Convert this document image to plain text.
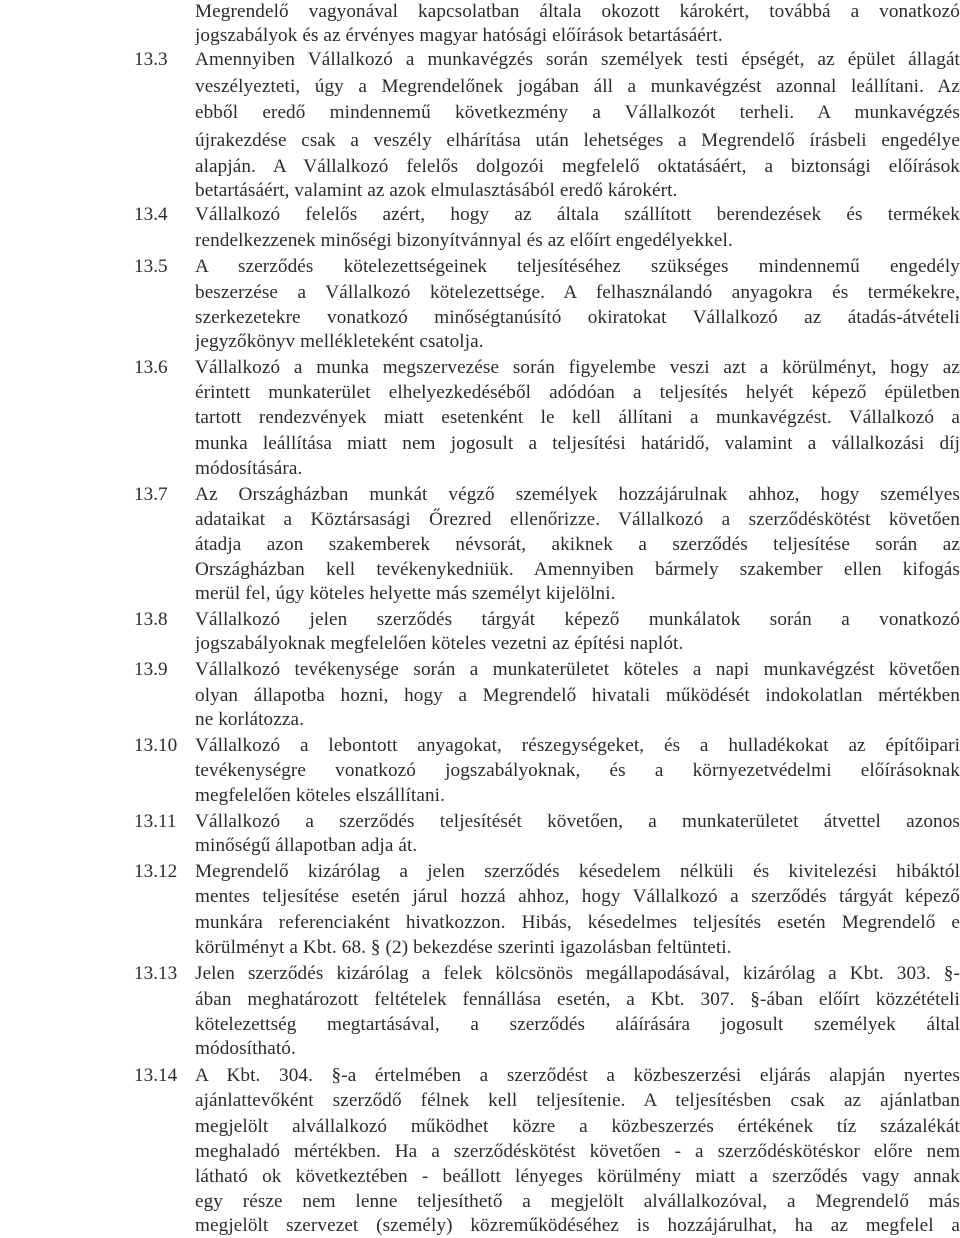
Megrendelő vagyonával kapcsolatban általa okozott károkért, továbbá a vonatkozó
jogszabályok és az érvényes magyar hatósági előírások betartásáért.
13.3	Amennyiben Vállalkozó a munkavégzés során személyek testi épségét, az épület állagát
veszélyezteti, úgy a Megrendelőnek jogában áll a munkavégzést azonnal leállítani. Az
ebből eredő mindennemű következmény a Vállalkozót terheli. A munkavégzés
újrakezdése csak a veszély elhárítása után lehetséges a Megrendelő írásbeli engedélye
alapján. A Vállalkozó felelős dolgozói megfelelő oktatásáért, a biztonsági előírások
betartásáért, valamint az azok elmulasztásából eredő károkért.
13.4	Vállalkozó felelős azért, hogy az általa szállított berendezések és termékek
rendelkezzenek minőségi bizonyítvánnyal és az előírt engedélyekkel.
13.5	A szerződés kötelezettségeinek teljesítéséhez szükséges mindennemű engedély
beszerzése a Vállalkozó kötelezettsége. A felhasználandó anyagokra és termékekre,
szerkezetekre vonatkozó minőségtanúsító okiratokat Vállalkozó az átadás-átvételi
jegyzőkönyv mellékleteként csatolja.
13.6	Vállalkozó a munka megszervezése során figyelembe veszi azt a körülményt, hogy az
érintett munkaterület elhelyezkedéséből adódóan a teljesítés helyét képező épületben
tartott rendezvények miatt esetenként le kell állítani a munkavégzést. Vállalkozó a
munka leállítása miatt nem jogosult a teljesítési határidő, valamint a vállalkozási díj
módosítására.
13.7	Az Országházban munkát végző személyek hozzájárulnak ahhoz, hogy személyes
adataikat a Köztársasági Őrezred ellenőrizze. Vállalkozó a szerződéskötést követően
átadja azon szakemberek névsorát, akiknek a szerződés teljesítése során az
Országházban kell tevékenykedniük. Amennyiben bármely szakember ellen kifogás
merül fel, úgy köteles helyette más személyt kijelölni.
13.8	Vállalkozó jelen szerződés tárgyát képező munkálatok során a vonatkozó
jogszabályoknak megfelelően köteles vezetni az építési naplót.
13.9	Vállalkozó tevékenysége során a munkaterületet köteles a napi munkavégzést követően
olyan állapotba hozni, hogy a Megrendelő hivatali működését indokolatlan mértékben
ne korlátozza.
13.10 Vállalkozó a lebontott anyagokat, részegységeket, és a hulladékokat az építőipari
tevékenységre vonatkozó jogszabályoknak, és a környezetvédelmi előírásoknak
megfelelően köteles elszállítani.
13.11 Vállalkozó a szerződés teljesítését követően, a munkaterületet átvettel azonos
minőségű állapotban adja át.
13.12 Megrendelő kizárólag a jelen szerződés késedelem nélküli és kivitelezési hibáktól
mentes teljesítése esetén járul hozzá ahhoz, hogy Vállalkozó a szerződés tárgyát képező
munkára referenciaként hivatkozzon. Hibás, késedelmes teljesítés esetén Megrendelő e
körülményt a Kbt. 68. § (2) bekezdése szerinti igazolásban feltünteti.
13.13 Jelen szerződés kizárólag a felek kölcsönös megállapodásával, kizárólag a Kbt. 303. §-
ában meghatározott feltételek fennállása esetén, a Kbt. 307. §-ában előírt közzétételi
kötelezettség megtartásával, a szerződés aláírására jogosult személyek által
módosítható.
13.14 A Kbt. 304. §-a értelmében a szerződést a közbeszerzési eljárás alapján nyertes
ajánlattevőként szerződő félnek kell teljesítenie. A teljesítésben csak az ajánlatban
megjelölt alvállalkozó működhet közre a közbeszerzés értékének tíz százalékát
meghaladó mértékben. Ha a szerződéskötést követően - a szerződéskötéskor előre nem
látható ok következtében - beállott lényeges körülmény miatt a szerződés vagy annak
egy része nem lenne teljesíthető a megjelölt alvállalkozóval, a Megrendelő más
megjelölt szervezet (személy) közreműködéséhez is hozzájárulhat, ha az megfelel a
